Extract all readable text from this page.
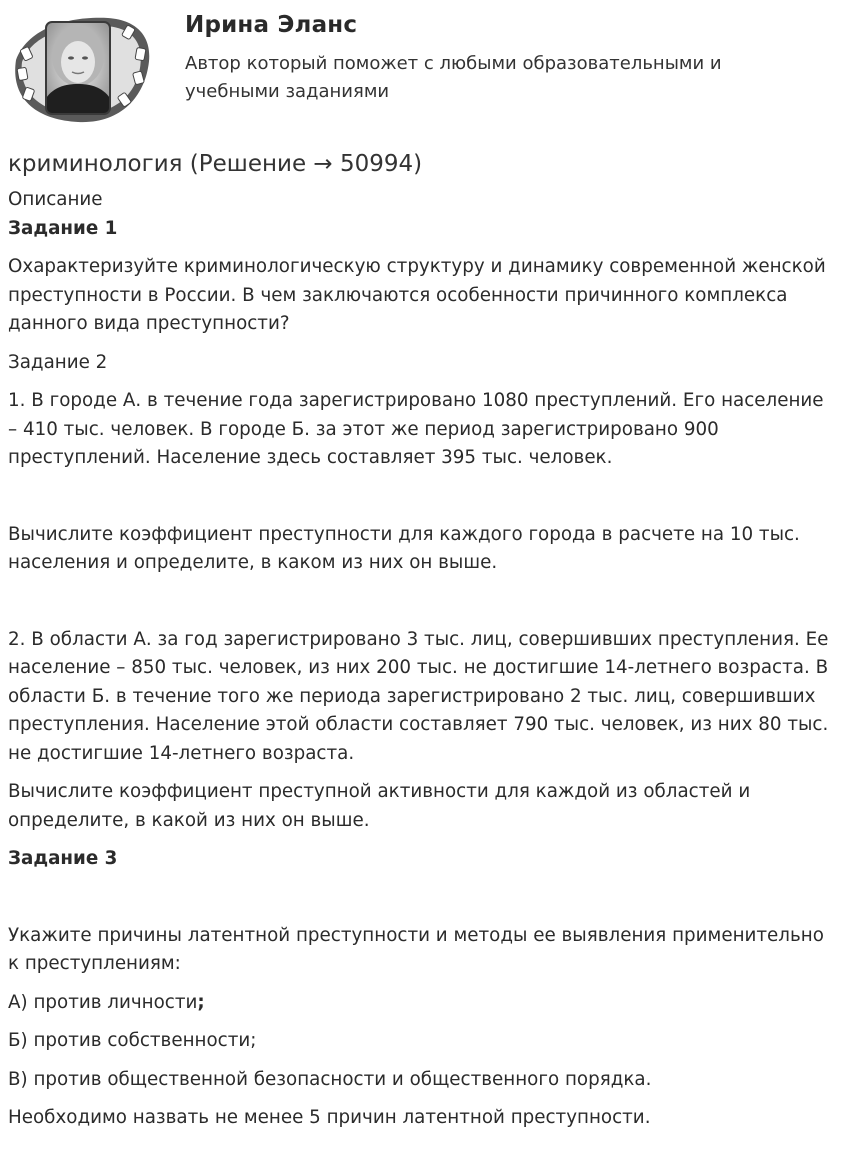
Ирина Эланс
Автор который поможет с любыми образовательными и учебными заданиями
криминология (Решение → 50994)

Описание

Задание 1

Охарактеризуйте криминологическую структуру и динамику современной женской преступности в России. В чем заключаются особенности причинного комплекса данного вида преступности?

Задание 2

1. В городе А. в течение года зарегистрировано 1080 преступлений. Его население – 410 тыс. человек. В городе Б. за этот же период зарегистрировано 900 преступлений. Население здесь составляет 395 тыс. человек.

Вычислите коэффициент преступности для каждого города в расчете на 10 тыс. населения и определите, в каком из них он выше.

2. В области А. за год зарегистрировано 3 тыс. лиц, совершивших преступления. Ее население – 850 тыс. человек, из них 200 тыс. не достигшие 14-летнего возраста. В области Б. в течение того же периода зарегистрировано 2 тыс. лиц, совершивших преступления. Население этой области составляет 790 тыс. человек, из них 80 тыс. не достигшие 14-летнего возраста.

Вычислите коэффициент преступной активности для каждой из областей и определите, в какой из них он выше.

Задание 3

Укажите причины латентной преступности и методы ее выявления применительно к преступлениям:

А) против личности;

Б) против собственности;

В) против общественной безопасности и общественного порядка.

Необходимо назвать не менее 5 причин латентной преступности.
